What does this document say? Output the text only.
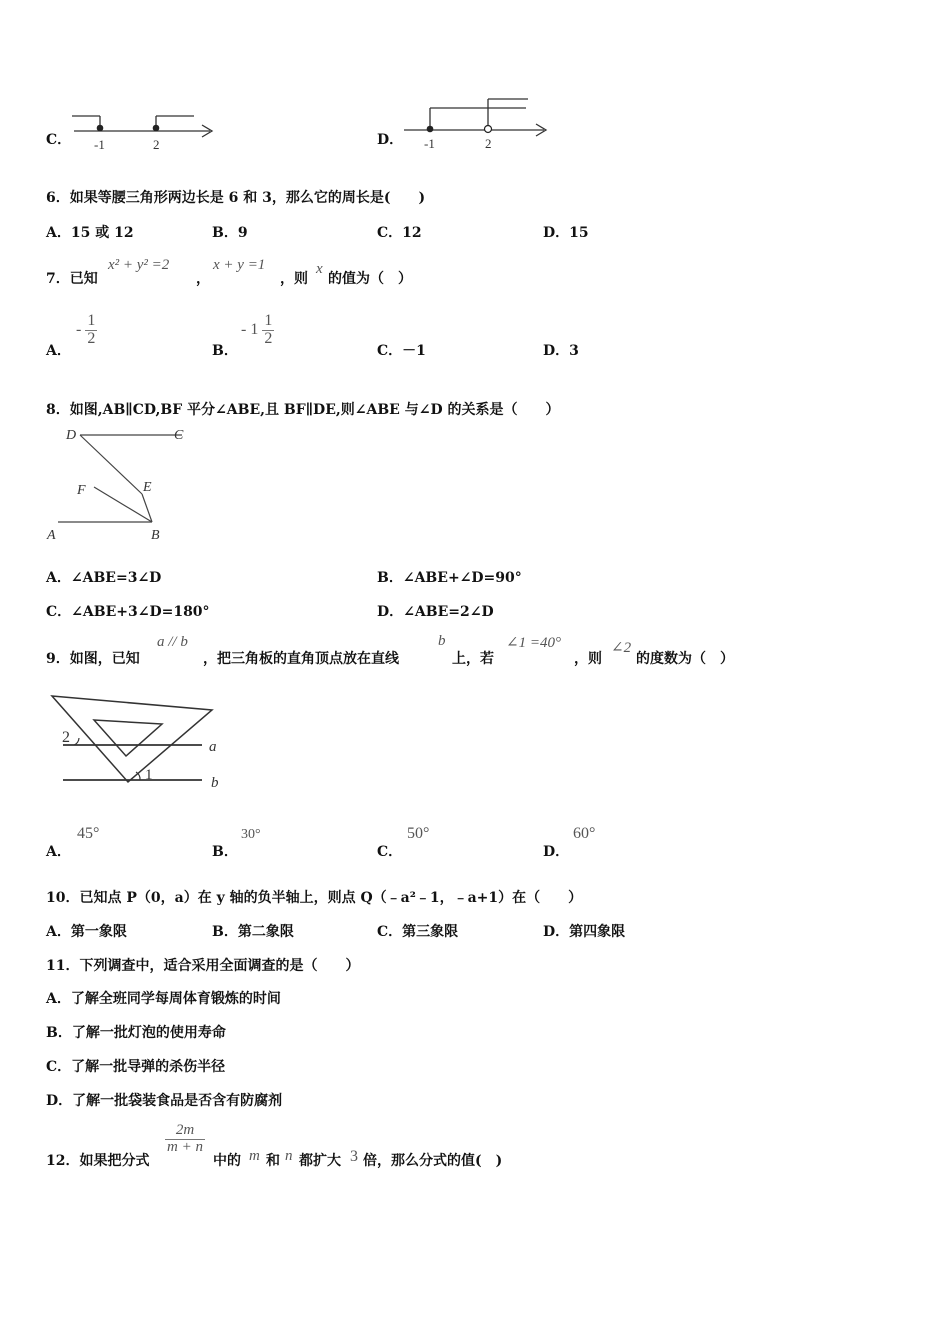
C． -1	2	D． -1	2
6．如果等腰三角形两边长是 6 和 3，那么它的周长是(　　)
A．15 或 12	B．9	C．12	D．15
7．已知
x² + y² =2
，
x + y =1
，则
x
的值为（　）
A．
- $\frac{1}{2}$
B．
- $1 \frac{1}{2}$
C．－1	D．3
8．如图,AB∥CD,BF 平分∠ABE,且 BF∥DE,则∠ABE 与∠D 的关系是（　　）
D	C
F	E
A	B
A．∠ABE=3∠D	B．∠ABE+∠D=90°
C．∠ABE+3∠D=180°	D．∠ABE=2∠D
9．如图，已知
a // b
，把三角板的直角顶点放在直线
b
上，若
∠1 =40°
，则
∠2
的度数为（　）
2
a
1	b
A．
45°
B．
30°
C．
50°
D．
60°
10．已知点 P（0，a）在 y 轴的负半轴上，则点 Q（﹣a²﹣1，﹣a+1）在（　　）
A．第一象限	B．第二象限	C．第三象限	D．第四象限
11．下列调查中，适合采用全面调查的是（　　）
A．了解全班同学每周体育锻炼的时间
B．了解一批灯泡的使用寿命
C．了解一批导弹的杀伤半径
D．了解一批袋装食品是否含有防腐剂
12．如果把分式
$\frac{2m}{m + n}$
中的 m 和 n 都扩大 3 倍，那么分式的值(　)
